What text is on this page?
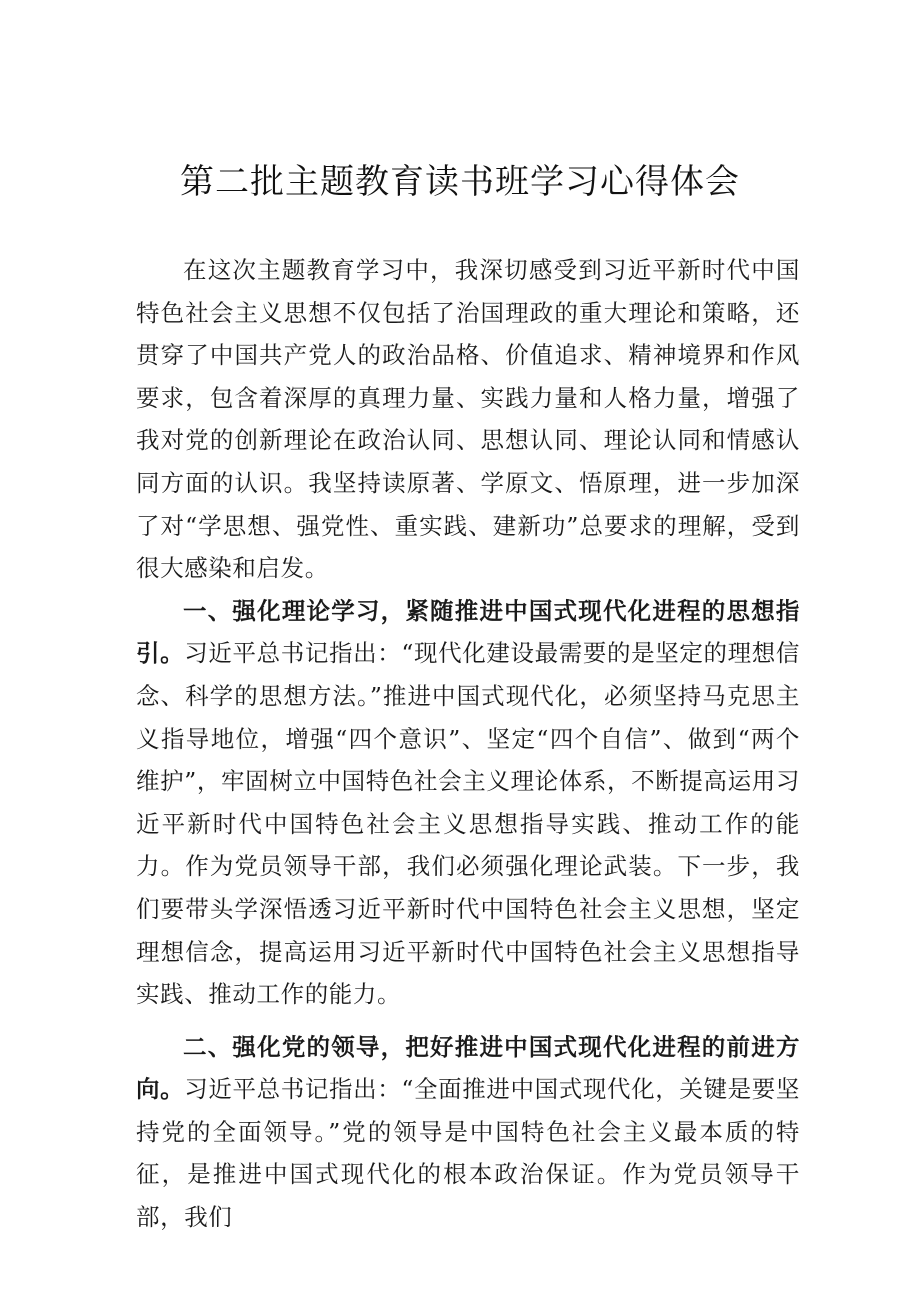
第二批主题教育读书班学习心得体会

在这次主题教育学习中，我深切感受到习近平新时代中国特色社会主义思想不仅包括了治国理政的重大理论和策略，还贯穿了中国共产党人的政治品格、价值追求、精神境界和作风要求，包含着深厚的真理力量、实践力量和人格力量，增强了我对党的创新理论在政治认同、思想认同、理论认同和情感认同方面的认识。我坚持读原著、学原文、悟原理，进一步加深了对“学思想、强党性、重实践、建新功”总要求的理解，受到很大感染和启发。

一、强化理论学习，紧随推进中国式现代化进程的思想指引。习近平总书记指出：“现代化建设最需要的是坚定的理想信念、科学的思想方法。”推进中国式现代化，必须坚持马克思主义指导地位，增强“四个意识”、坚定“四个自信”、做到“两个维护”，牢固树立中国特色社会主义理论体系，不断提高运用习近平新时代中国特色社会主义思想指导实践、推动工作的能力。作为党员领导干部，我们必须强化理论武装。下一步，我们要带头学深悟透习近平新时代中国特色社会主义思想，坚定理想信念，提高运用习近平新时代中国特色社会主义思想指导实践、推动工作的能力。

二、强化党的领导，把好推进中国式现代化进程的前进方向。习近平总书记指出：“全面推进中国式现代化，关键是要坚持党的全面领导。”党的领导是中国特色社会主义最本质的特征，是推进中国式现代化的根本政治保证。作为党员领导干部，我们
